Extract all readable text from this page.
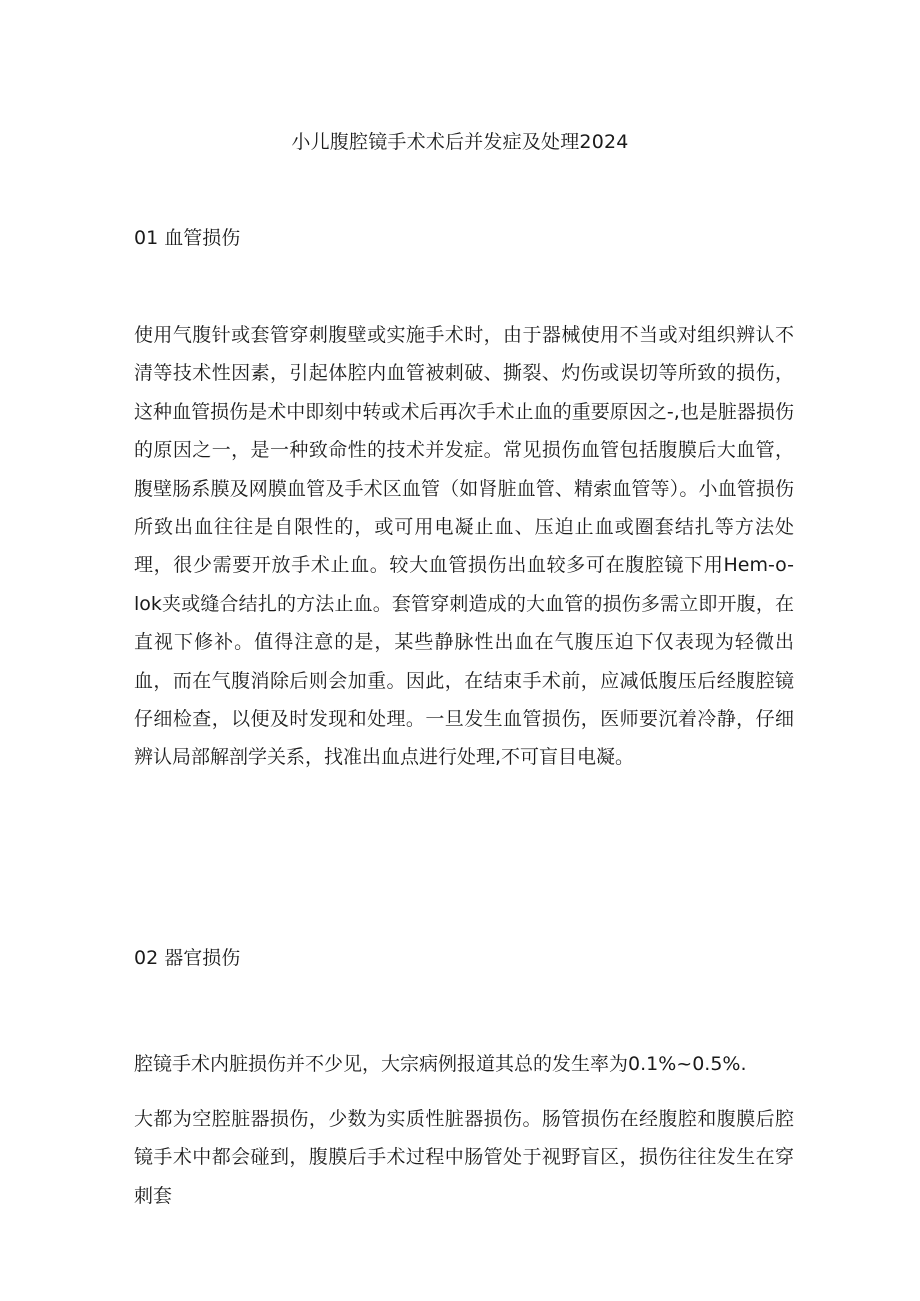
小儿腹腔镜手术术后并发症及处理2024
01 血管损伤
使用气腹针或套管穿刺腹壁或实施手术时，由于器械使用不当或对组织辨认不清等技术性因素，引起体腔内血管被刺破、撕裂、灼伤或误切等所致的损伤，这种血管损伤是术中即刻中转或术后再次手术止血的重要原因之-,也是脏器损伤的原因之一，是一种致命性的技术并发症。常见损伤血管包括腹膜后大血管，腹壁肠系膜及网膜血管及手术区血管（如肾脏血管、精索血管等）。小血管损伤所致出血往往是自限性的，或可用电凝止血、压迫止血或圈套结扎等方法处理，很少需要开放手术止血。较大血管损伤出血较多可在腹腔镜下用Hem-o-lok夹或缝合结扎的方法止血。套管穿刺造成的大血管的损伤多需立即开腹，在直视下修补。值得注意的是，某些静脉性出血在气腹压迫下仅表现为轻微出血，而在气腹消除后则会加重。因此，在结束手术前，应减低腹压后经腹腔镜仔细检查，以便及时发现和处理。一旦发生血管损伤，医师要沉着冷静，仔细辨认局部解剖学关系，找准出血点进行处理,不可盲目电凝。
02 器官损伤
腔镜手术内脏损伤并不少见，大宗病例报道其总的发生率为0.1%~0.5%.
大都为空腔脏器损伤，少数为实质性脏器损伤。肠管损伤在经腹腔和腹膜后腔镜手术中都会碰到，腹膜后手术过程中肠管处于视野盲区，损伤往往发生在穿刺套
